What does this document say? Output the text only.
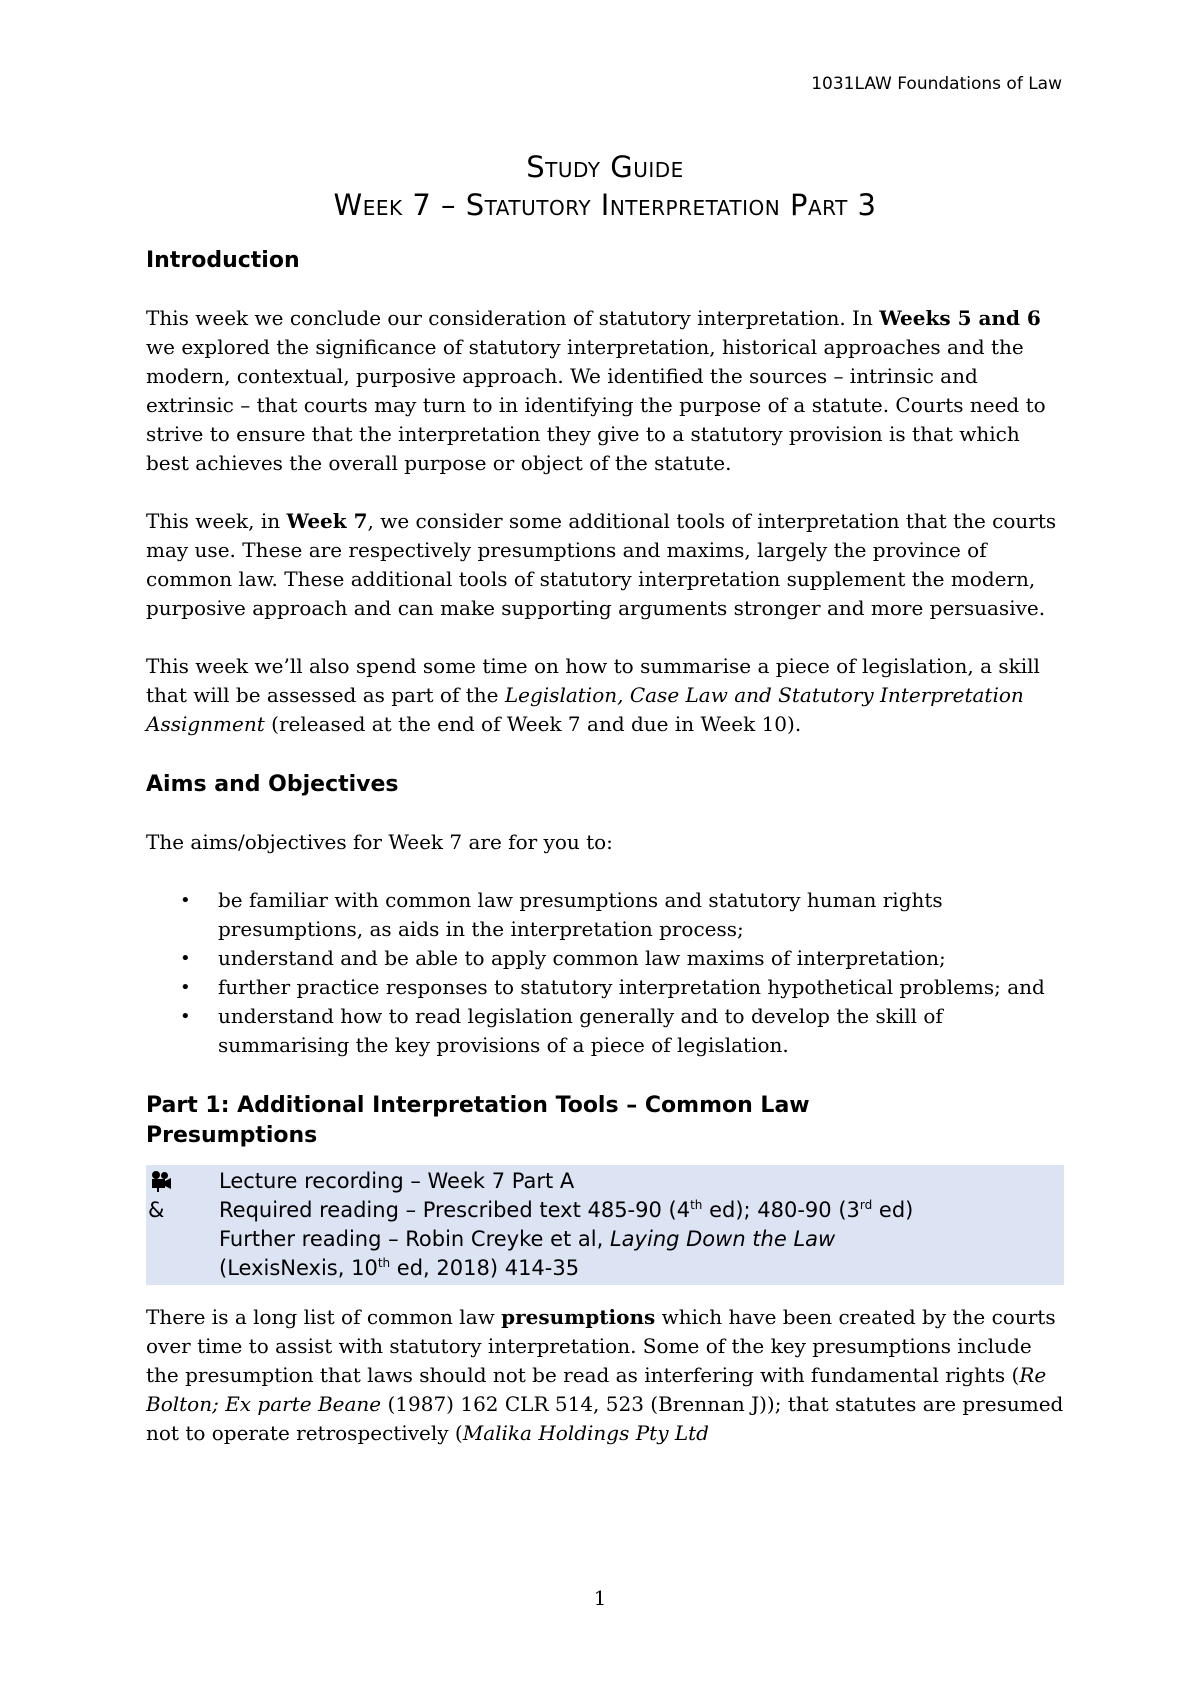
1031LAW Foundations of Law
Study Guide
Week 7 – Statutory Interpretation Part 3
Introduction

This week we conclude our consideration of statutory interpretation. In Weeks 5 and 6 we explored the significance of statutory interpretation, historical approaches and the modern, contextual, purposive approach. We identified the sources – intrinsic and extrinsic – that courts may turn to in identifying the purpose of a statute. Courts need to strive to ensure that the interpretation they give to a statutory provision is that which best achieves the overall purpose or object of the statute.

This week, in Week 7, we consider some additional tools of interpretation that the courts may use. These are respectively presumptions and maxims, largely the province of common law. These additional tools of statutory interpretation supplement the modern, purposive approach and can make supporting arguments stronger and more persuasive.

This week we’ll also spend some time on how to summarise a piece of legislation, a skill that will be assessed as part of the Legislation, Case Law and Statutory Interpretation Assignment (released at the end of Week 7 and due in Week 10).

Aims and Objectives

The aims/objectives for Week 7 are for you to:

• be familiar with common law presumptions and statutory human rights presumptions, as aids in the interpretation process;
• understand and be able to apply common law maxims of interpretation;
• further practice responses to statutory interpretation hypothetical problems; and
• understand how to read legislation generally and to develop the skill of summarising the key provisions of a piece of legislation.
Part 1: Additional Interpretation Tools – Common Law
Presumptions
Lecture recording – Week 7 Part A
&	Required reading – Prescribed text 485-90 (4th ed); 480-90 (3rd ed)
Further reading – Robin Creyke et al, Laying Down the Law
(LexisNexis, 10th ed, 2018) 414-35

There is a long list of common law presumptions which have been created by the courts over time to assist with statutory interpretation. Some of the key presumptions include the presumption that laws should not be read as interfering with fundamental rights (Re Bolton; Ex parte Beane (1987) 162 CLR 514, 523 (Brennan J)); that statutes are presumed not to operate retrospectively (Malika Holdings Pty Ltd

1
